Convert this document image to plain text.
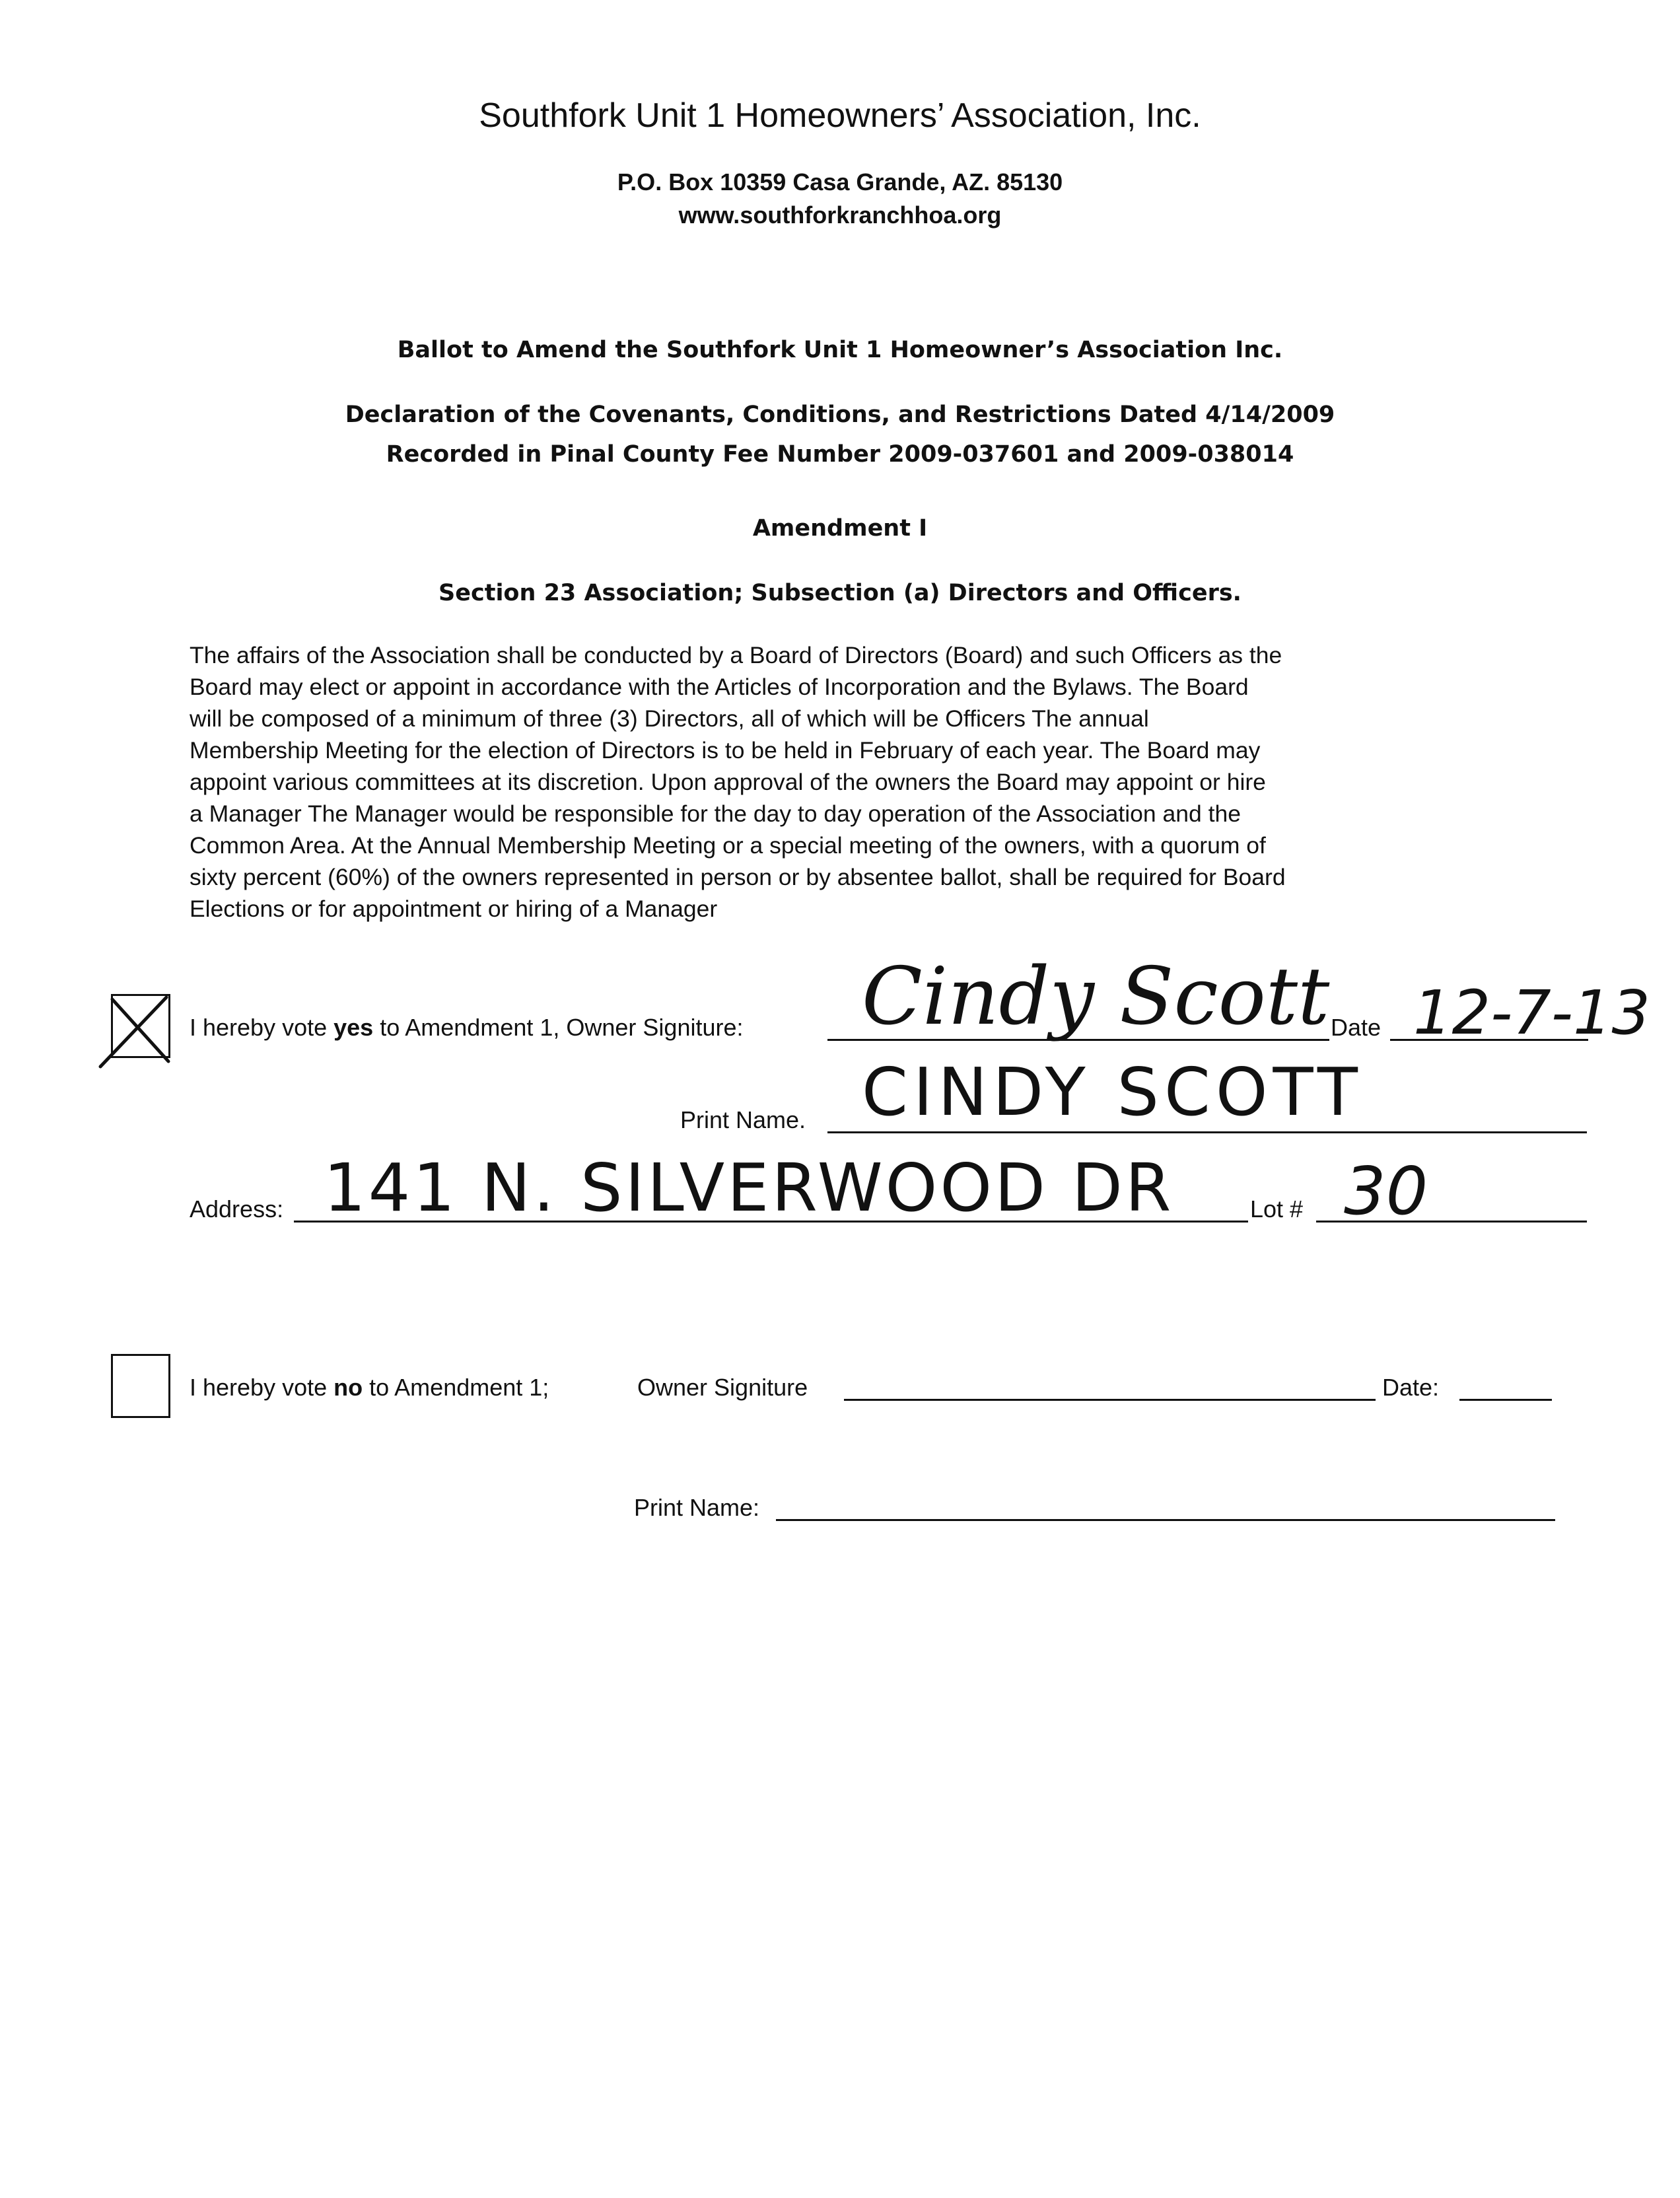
Southfork Unit 1 Homeowners’ Association, Inc.
P.O. Box 10359 Casa Grande, AZ. 85130
www.southforkranchhoa.org
Ballot to Amend the Southfork Unit 1 Homeowner’s Association Inc.
Declaration of the Covenants, Conditions, and Restrictions Dated 4/14/2009
Recorded in Pinal County Fee Number 2009-037601 and 2009-038014
Amendment I
Section 23 Association; Subsection (a) Directors and Officers.
The affairs of the Association shall be conducted by a Board of Directors (Board) and such Officers as the
Board may elect or appoint in accordance with the Articles of Incorporation and the Bylaws. The Board
will be composed of a minimum of three (3) Directors, all of which will be Officers The annual
Membership Meeting for the election of Directors is to be held in February of each year. The Board may
appoint various committees at its discretion. Upon approval of the owners the Board may appoint or hire
a Manager The Manager would be responsible for the day to day operation of the Association and the
Common Area. At the Annual Membership Meeting or a special meeting of the owners, with a quorum of
sixty percent (60%) of the owners represented in person or by absentee ballot, shall be required for Board
Elections or for appointment or hiring of a Manager
I hereby vote yes to Amendment 1, Owner Signiture: Cindy Scott Date 12-7-13
Print Name. CINDY SCOTT
Address: 141 N. SILVERWOOD DR	Lot # 30
I hereby vote no to Amendment 1;	Owner Signiture	Date:
Print Name:
